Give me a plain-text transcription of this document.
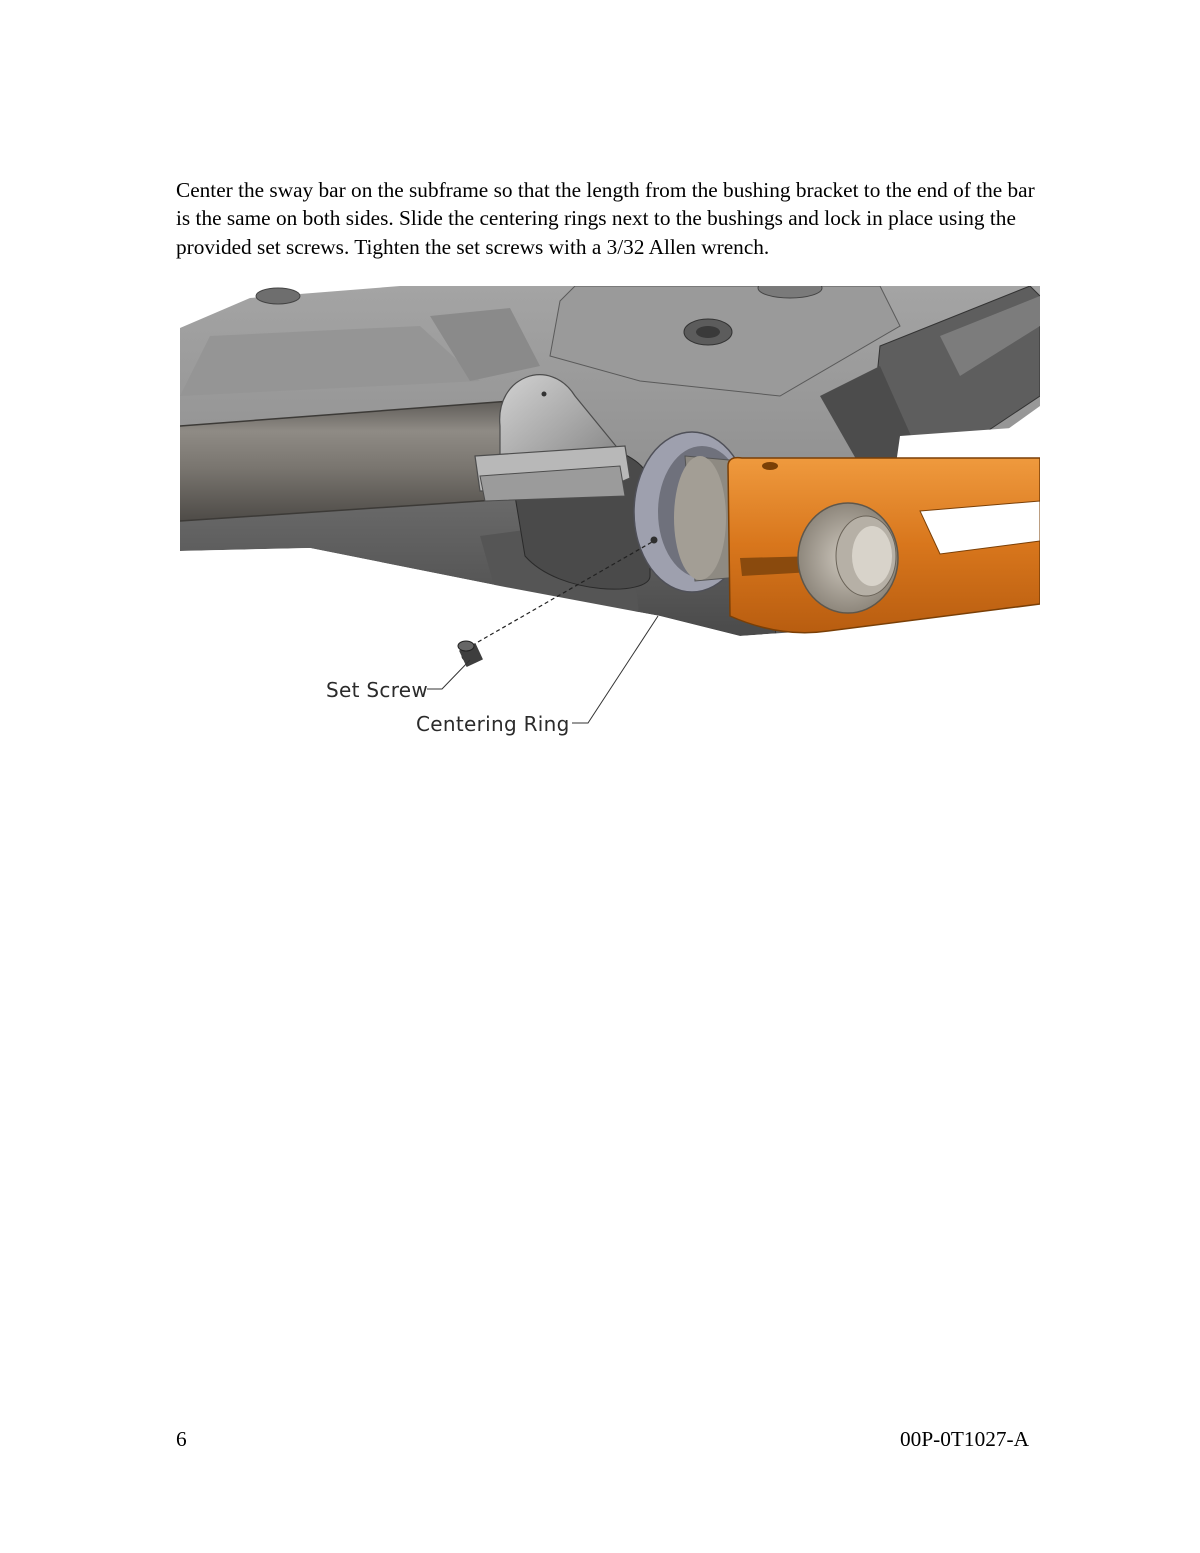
Center the sway bar on the subframe so that the length from the bushing bracket to the end of the bar is the same on both sides. Slide the centering rings next to the bushings and lock in place using the provided set screws. Tighten the set screws with a 3/32 Allen wrench.

Set Screw
Centering Ring

6	00P-0T1027-A
